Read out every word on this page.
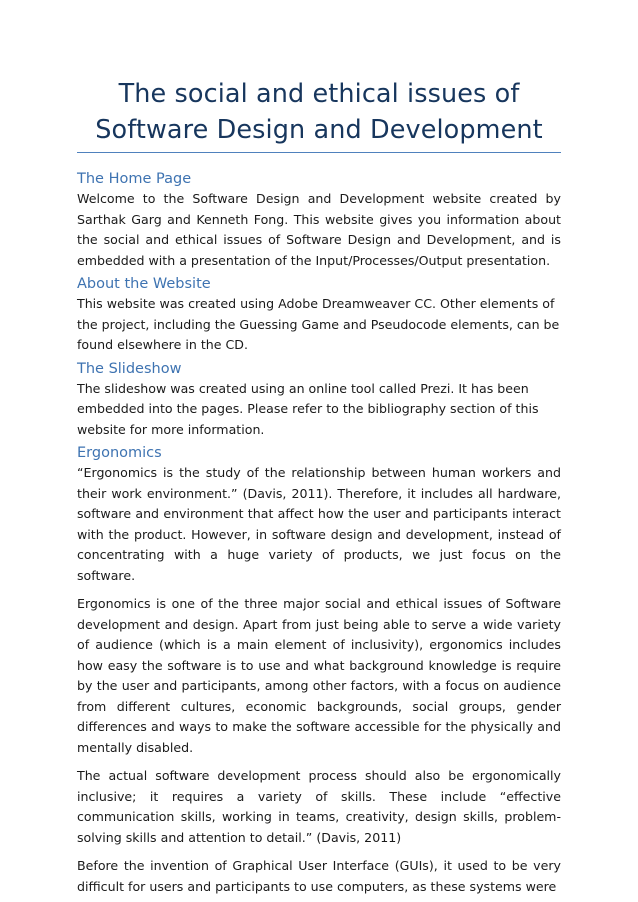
The social and ethical issues of
Software Design and Development
The Home Page

Welcome to the Software Design and Development website created by Sarthak Garg and Kenneth Fong. This website gives you information about the social and ethical issues of Software Design and Development, and is embedded with a presentation of the Input/Processes/Output presentation.

About the Website

This website was created using Adobe Dreamweaver CC. Other elements of the project, including the Guessing Game and Pseudocode elements, can be found elsewhere in the CD.

The Slideshow

The slideshow was created using an online tool called Prezi. It has been embedded into the pages. Please refer to the bibliography section of this website for more information.

Ergonomics

“Ergonomics is the study of the relationship between human workers and their work environment.” (Davis, 2011). Therefore, it includes all hardware, software and environment that affect how the user and participants interact with the product. However, in software design and development, instead of concentrating with a huge variety of products, we just focus on the software.

Ergonomics is one of the three major social and ethical issues of Software development and design. Apart from just being able to serve a wide variety of audience (which is a main element of inclusivity), ergonomics includes how easy the software is to use and what background knowledge is require by the user and participants, among other factors, with a focus on audience from different cultures, economic backgrounds, social groups, gender differences and ways to make the software accessible for the physically and mentally disabled.

The actual software development process should also be ergonomically inclusive; it requires a variety of skills. These include “effective communication skills, working in teams, creativity, design skills, problem-solving skills and attention to detail.” (Davis, 2011)

Before the invention of Graphical User Interface (GUIs), it used to be very difficult for users and participants to use computers, as these systems were
